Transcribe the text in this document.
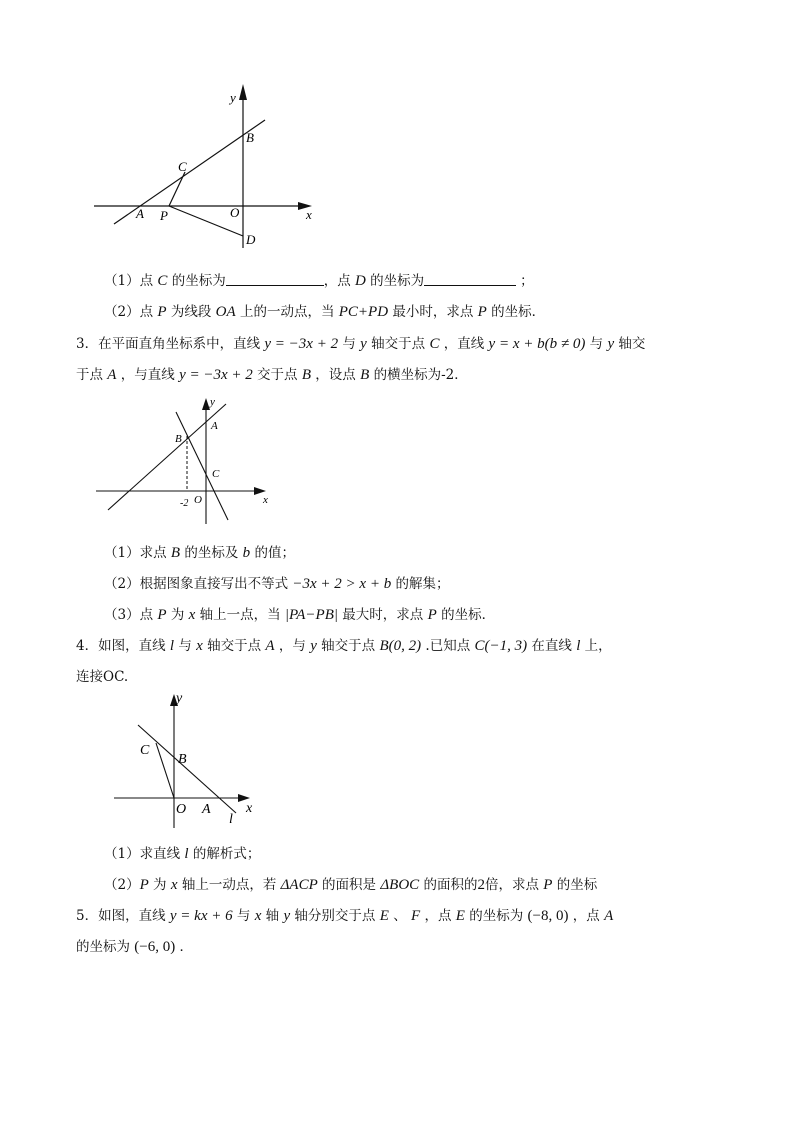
y
x
B
C
A P	O
D
（1）点 C 的坐标为	，点 D 的坐标为	；
（2）点 P 为线段 OA 上的一动点，当 PC+PD 最小时，求点 P 的坐标．
3．在平面直角坐标系中，直线 y = −3x + 2 与 y 轴交于点 C ，直线 y = x + b(b ≠ 0) 与 y 轴交
于点 A ，与直线 y = −3x + 2 交于点 B ，设点 B 的横坐标为-2．
y
A
B
C
x
O
-2
（1）求点 B 的坐标及 b 的值；
（2）根据图象直接写出不等式 −3x + 2 > x + b 的解集；
（3）点 P 为 x 轴上一点，当 |PA−PB| 最大时，求点 P 的坐标．
4．如图，直线 l 与 x 轴交于点 A ，与 y 轴交于点 B(0, 2) .已知点 C(−1, 3) 在直线 l 上，
连接OC.
y
C
B
x
O A
l
（1）求直线 l 的解析式；
（2）P 为 x 轴上一动点，若 ΔACP 的面积是 ΔBOC 的面积的2倍，求点 P 的坐标
5．如图，直线 y = kx + 6 与 x 轴 y 轴分别交于点 E 、 F ，点 E 的坐标为 (−8, 0) ，点 A
的坐标为 (−6, 0) ．
